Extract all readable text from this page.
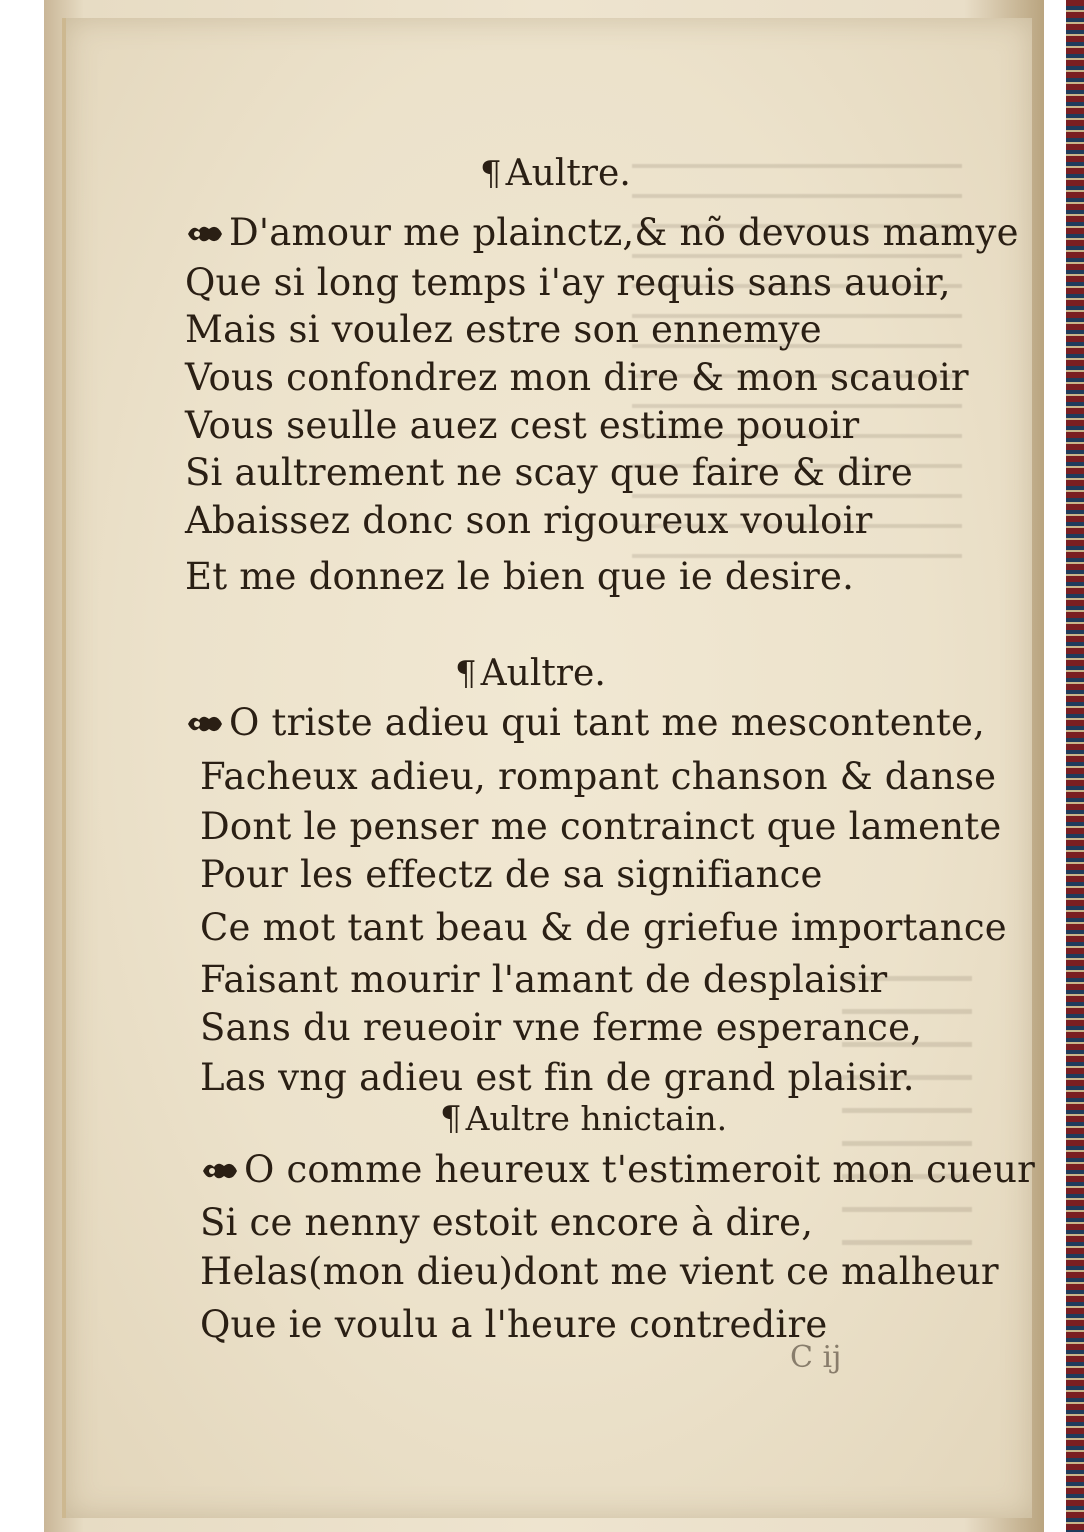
¶ Aultre.
D'amour me plainctz,& nõ devous mamye
Que si long temps i'ay requis sans auoir,
Mais si voulez estre son ennemye
Vous confondrez mon dire & mon scauoir
Vous seulle auez cest estime pouoir
Si aultrement ne scay que faire & dire
Abaissez donc son rigoureux vouloir
Et me donnez le bien que ie desire.
¶ Aultre.
O triste adieu qui tant me mescontente,
Facheux adieu, rompant chanson & danse
Dont le penser me contrainct que lamente
Pour les effectz de sa signifiance
Ce mot tant beau & de griefue importance
Faisant mourir l'amant de desplaisir
Sans du reueoir vne ferme esperance,
Las vng adieu est fin de grand plaisir.
¶ Aultre hnictain.
O comme heureux t'estimeroit mon cueur
Si ce nenny estoit encore à dire,
Helas(mon dieu)dont me vient ce malheur
Que ie voulu a l'heure contredire
C ij
